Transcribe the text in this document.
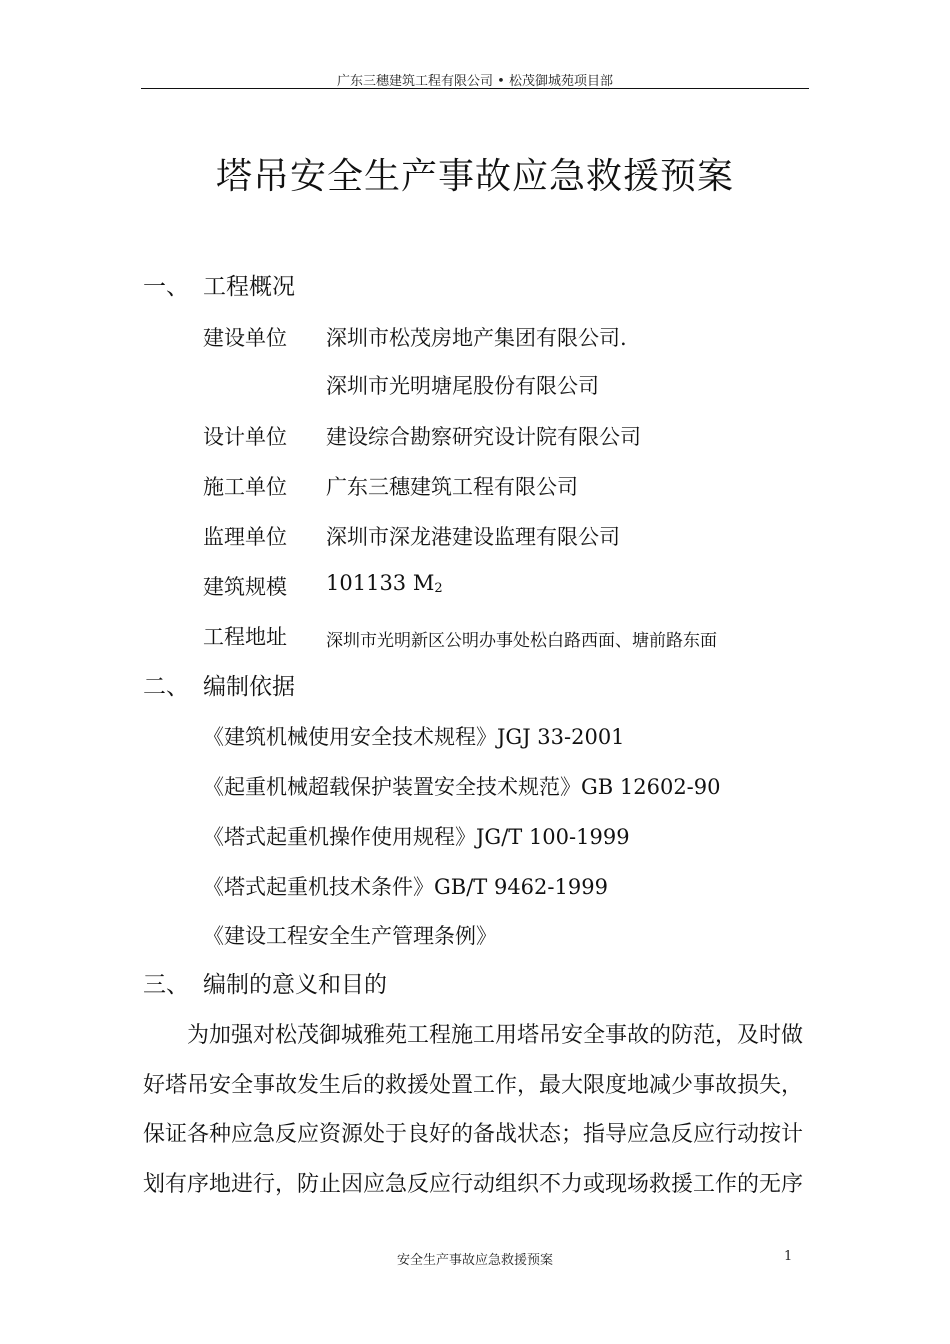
广东三穗建筑工程有限公司 • 松茂御城苑项目部
塔吊安全生产事故应急救援预案
一、 工程概况
建设单位 深圳市松茂房地产集团有限公司.
深圳市光明塘尾股份有限公司
设计单位 建设综合勘察研究设计院有限公司
施工单位 广东三穗建筑工程有限公司
监理单位 深圳市深龙港建设监理有限公司
建筑规模 101133 $M_2$
工程地址 深圳市光明新区公明办事处松白路西面、塘前路东面
二、 编制依据
《建筑机械使用安全技术规程》JGJ 33-2001
《起重机械超载保护装置安全技术规范》GB 12602-90
《塔式起重机操作使用规程》JG/T 100-1999
《塔式起重机技术条件》GB/T 9462-1999
《建设工程安全生产管理条例》
三、 编制的意义和目的
为加强对松茂御城雅苑工程施工用塔吊安全事故的防范，及时做
好塔吊安全事故发生后的救援处置工作，最大限度地减少事故损失，
保证各种应急反应资源处于良好的备战状态；指导应急反应行动按计
划有序地进行，防止因应急反应行动组织不力或现场救援工作的无序
安全生产事故应急救援预案	1
